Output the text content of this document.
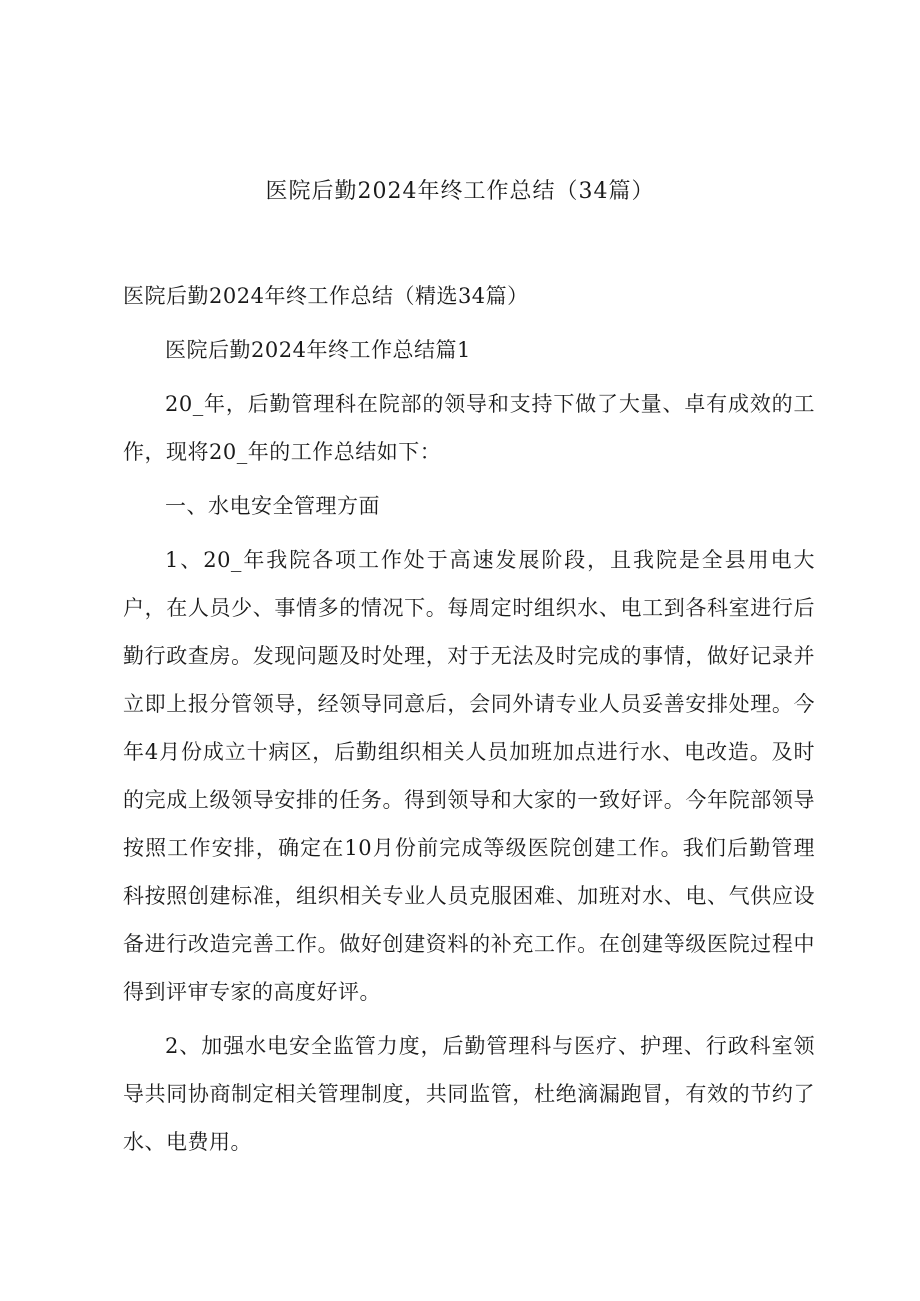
医院后勤2024年终工作总结（34篇）

医院后勤2024年终工作总结（精选34篇）

医院后勤2024年终工作总结篇1

20_年，后勤管理科在院部的领导和支持下做了大量、卓有成效的工作，现将20_年的工作总结如下：

一、水电安全管理方面

1、20_年我院各项工作处于高速发展阶段，且我院是全县用电大户，在人员少、事情多的情况下。每周定时组织水、电工到各科室进行后勤行政查房。发现问题及时处理，对于无法及时完成的事情，做好记录并立即上报分管领导，经领导同意后，会同外请专业人员妥善安排处理。今年4月份成立十病区，后勤组织相关人员加班加点进行水、电改造。及时的完成上级领导安排的任务。得到领导和大家的一致好评。今年院部领导按照工作安排，确定在10月份前完成等级医院创建工作。我们后勤管理科按照创建标准，组织相关专业人员克服困难、加班对水、电、气供应设备进行改造完善工作。做好创建资料的补充工作。在创建等级医院过程中得到评审专家的高度好评。

2、加强水电安全监管力度，后勤管理科与医疗、护理、行政科室领导共同协商制定相关管理制度，共同监管，杜绝滴漏跑冒，有效的节约了水、电费用。
